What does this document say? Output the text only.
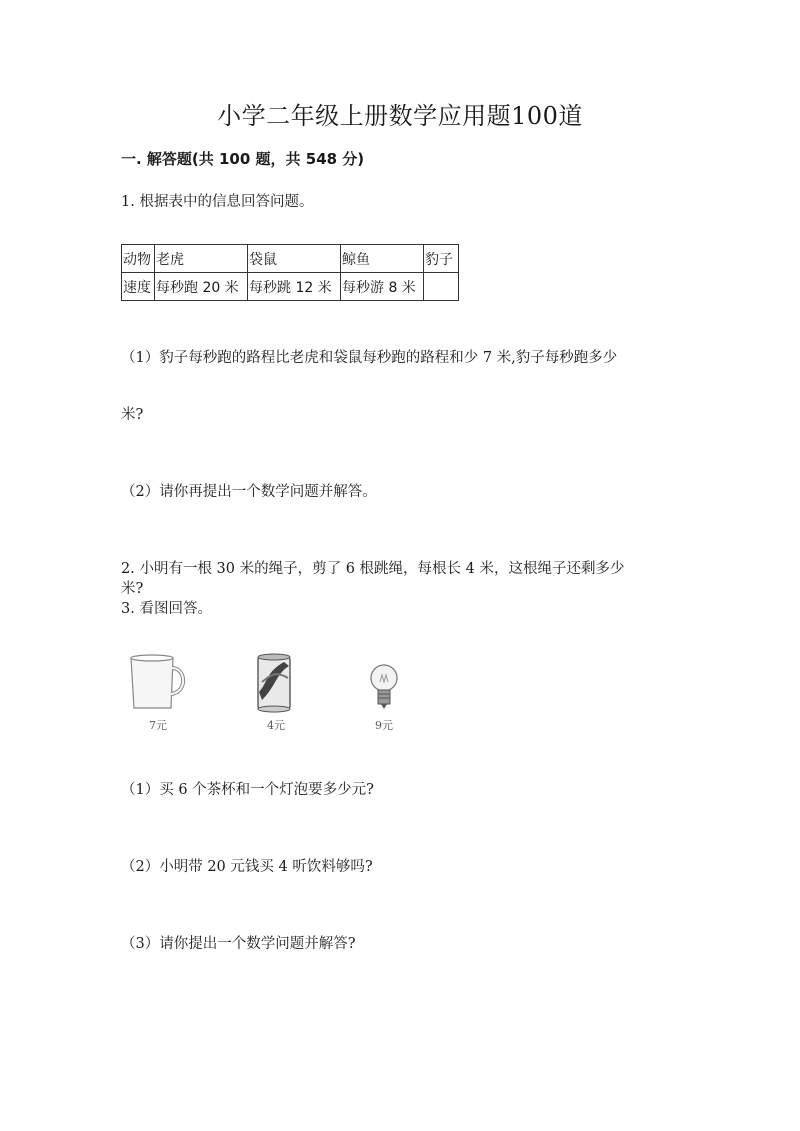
小学二年级上册数学应用题100道
一. 解答题(共 100 题，共 548 分)
1. 根据表中的信息回答问题。
动物	老虎	袋鼠	鲸鱼	豹子
速度	每秒跑 20 米	每秒跳 12 米	每秒游 8 米	
（1）豹子每秒跑的路程比老虎和袋鼠每秒跑的路程和少 7 米,豹子每秒跑多少
米?
（2）请你再提出一个数学问题并解答。
2. 小明有一根 30 米的绳子，剪了 6 根跳绳，每根长 4 米，这根绳子还剩多少
米?
3. 看图回答。
7元	4元	9元
（1）买 6 个茶杯和一个灯泡要多少元?
（2）小明带 20 元钱买 4 听饮料够吗?
（3）请你提出一个数学问题并解答?
